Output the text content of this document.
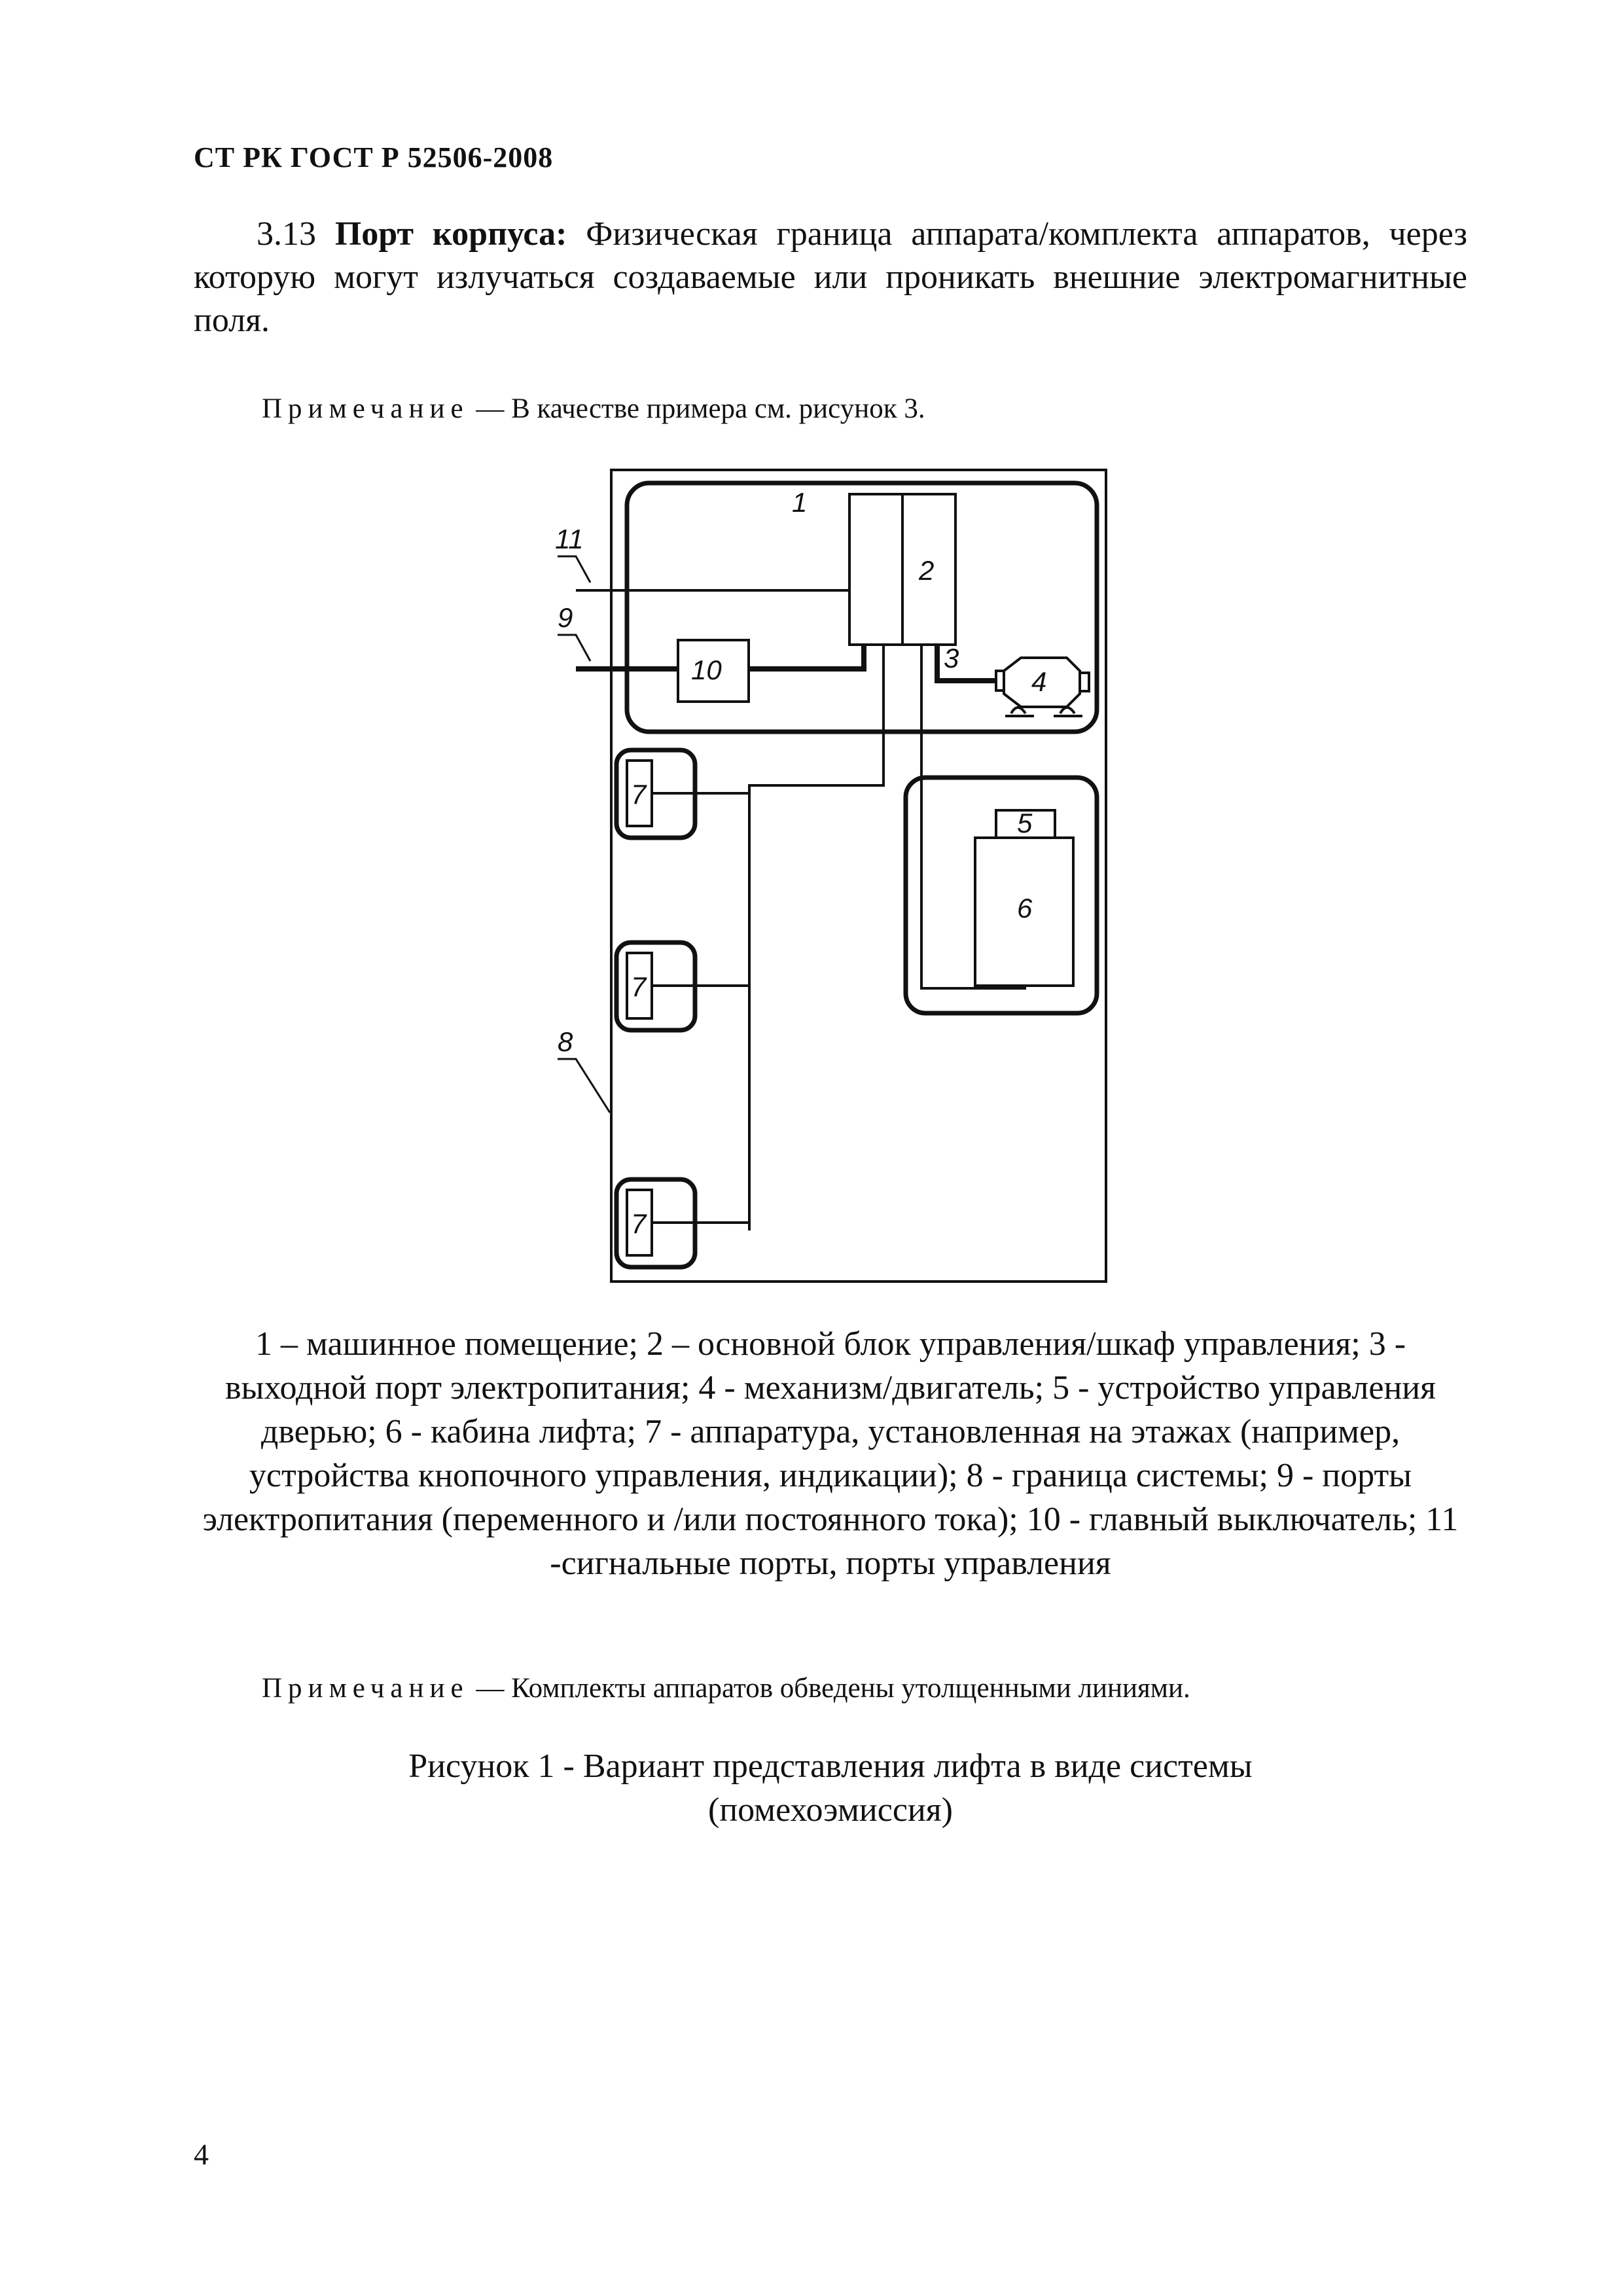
СТ РК ГОСТ Р 52506-2008
3.13 Порт корпуса: Физическая граница аппарата/комплекта аппаратов, через которую могут излучаться создаваемые или проникать внешние электромагнитные поля.
Примечание — В качестве примера см. рисунок 3.
1
2
3
4
5
6
7
7
7
8
9
10
11
1 – машинное помещение; 2 – основной блок управления/шкаф управления; 3 - выходной порт электропитания; 4 - механизм/двигатель; 5 - устройство управления дверью; 6 - кабина лифта; 7 - аппаратура, установленная на этажах (например, устройства кнопочного управления, индикации); 8 - граница системы; 9 - порты электропитания (переменного и /или постоянного тока); 10 - главный выключатель; 11 -сигнальные порты, порты управления
Примечание — Комплекты аппаратов обведены утолщенными линиями.
Рисунок 1 - Вариант представления лифта в виде системы
(помехоэмиссия)
4
